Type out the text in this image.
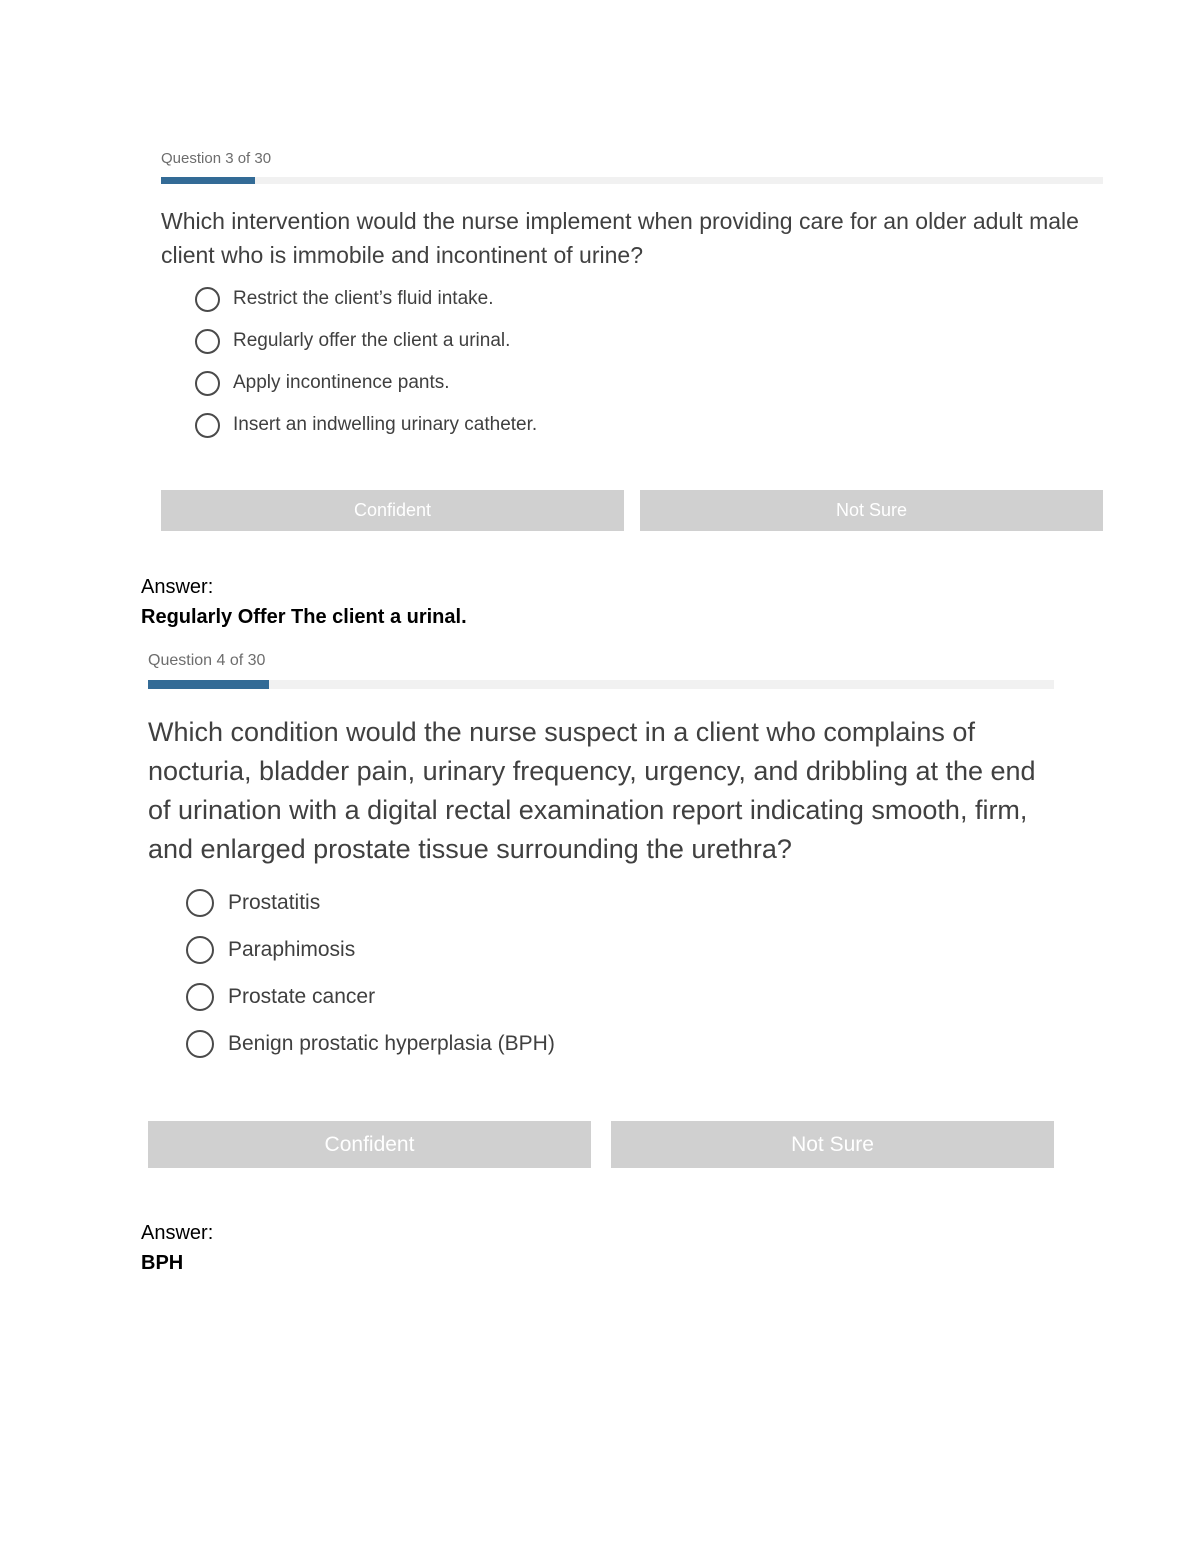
Question 3 of 30

Which intervention would the nurse implement when providing care for an older adult male client who is immobile and incontinent of urine?

Restrict the client’s fluid intake.
Regularly offer the client a urinal.
Apply incontinence pants.
Insert an indwelling urinary catheter.
Confident	Not Sure
Answer:
Regularly Offer The client a urinal.

Question 4 of 30

Which condition would the nurse suspect in a client who complains of nocturia, bladder pain, urinary frequency, urgency, and dribbling at the end of urination with a digital rectal examination report indicating smooth, firm, and enlarged prostate tissue surrounding the urethra?

Prostatitis
Paraphimosis
Prostate cancer
Benign prostatic hyperplasia (BPH)
Confident	Not Sure
Answer:
BPH
